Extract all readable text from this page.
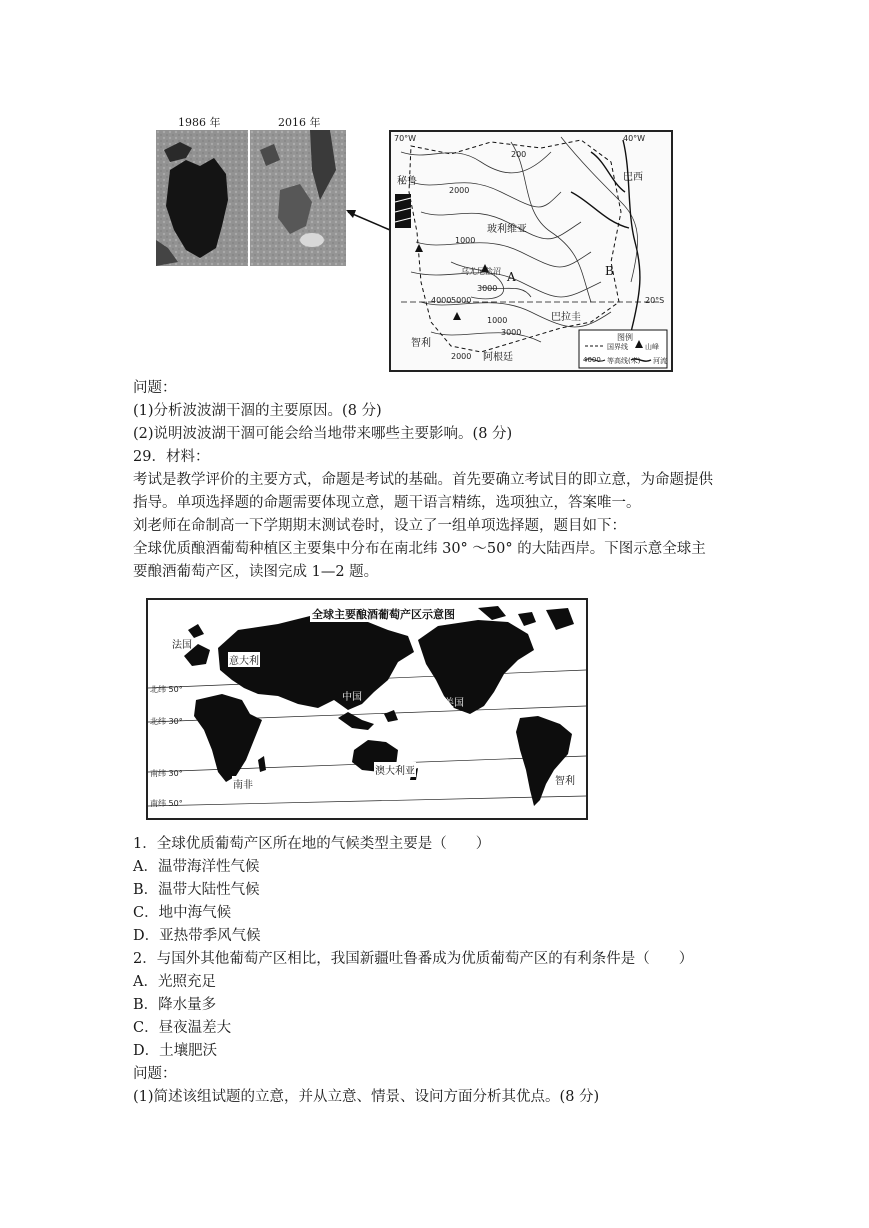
1986 年	2016 年
70°W	40°W
玻利维亚
巴拉圭
巴西
秘鲁
智利
阿根廷
乌尤尼盐沼 A	B
20°S
1000
2000
200
3000
4000 5000
1000
2000
3000
图例
国界线 山峰
等高线(米) 河流
4000
问题：
(1)分析波波湖干涸的主要原因。(8 分)
(2)说明波波湖干涸可能会给当地带来哪些主要影响。(8 分)
29．材料：
考试是教学评价的主要方式，命题是考试的基础。首先要确立考试目的即立意，为命题提供
指导。单项选择题的命题需要体现立意，题干语言精练，选项独立，答案唯一。
刘老师在命制高一下学期期末测试卷时，设立了一组单项选择题，题目如下：
全球优质酿酒葡萄种植区主要集中分布在南北纬 30° ～50° 的大陆西岸。下图示意全球主
要酿酒葡萄产区，读图完成 1—2 题。
全球主要酿酒葡萄产区示意图
法国
意大利
中国
美国
南非
澳大利亚
智利
北纬 50°
北纬 30°
南纬 30°
南纬 50°
1．全球优质葡萄产区所在地的气候类型主要是（　　）
A．温带海洋性气候
B．温带大陆性气候
C．地中海气候
D．亚热带季风气候
2．与国外其他葡萄产区相比，我国新疆吐鲁番成为优质葡萄产区的有利条件是（　　）
A．光照充足
B．降水量多
C．昼夜温差大
D．土壤肥沃
问题：
(1)简述该组试题的立意，并从立意、情景、设问方面分析其优点。(8 分)
